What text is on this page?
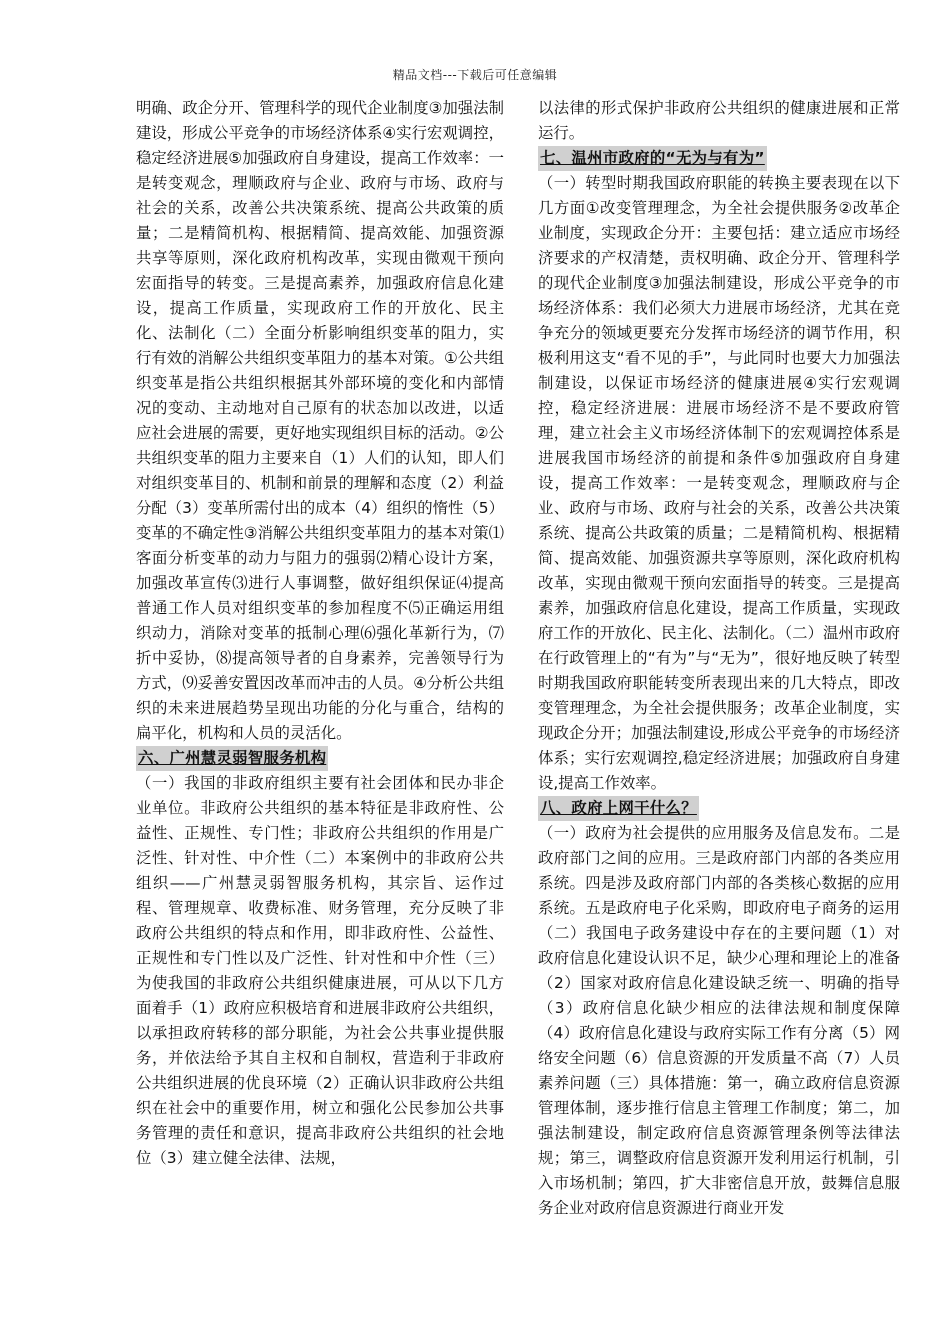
精品文档---下载后可任意编辑

明确、政企分开、管理科学的现代企业制度③加强法制建设，形成公平竞争的市场经济体系④实行宏观调控，稳定经济进展⑤加强政府自身建设，提高工作效率：一是转变观念，理顺政府与企业、政府与市场、政府与社会的关系，改善公共决策系统、提高公共政策的质量；二是精简机构、根据精简、提高效能、加强资源共享等原则，深化政府机构改革，实现由微观干预向宏面指导的转变。三是提高素养，加强政府信息化建设，提高工作质量，实现政府工作的开放化、民主化、法制化（二）全面分析影响组织变革的阻力，实行有效的消解公共组织变革阻力的基本对策。①公共组织变革是指公共组织根据其外部环境的变化和内部情况的变动、主动地对自己原有的状态加以改进，以适应社会进展的需要，更好地实现组织目标的活动。②公共组织变革的阻力主要来自（1）人们的认知，即人们对组织变革目的、机制和前景的理解和态度（2）利益分配（3）变革所需付出的成本（4）组织的惰性（5）变革的不确定性③消解公共组织变革阻力的基本对策⑴客面分析变革的动力与阻力的强弱⑵精心设计方案，加强改革宣传⑶进行人事调整，做好组织保证⑷提高普通工作人员对组织变革的参加程度不⑸正确运用组织动力，消除对变革的抵制心理⑹强化革新行为，⑺折中妥协，⑻提高领导者的自身素养，完善领导行为方式，⑼妥善安置因改革而冲击的人员。④分析公共组织的未来进展趋势呈现出功能的分化与重合，结构的扁平化，机构和人员的灵活化。

六、广州慧灵弱智服务机构

（一）我国的非政府组织主要有社会团体和民办非企业单位。非政府公共组织的基本特征是非政府性、公益性、正规性、专门性；非政府公共组织的作用是广泛性、针对性、中介性（二）本案例中的非政府公共组织——广州慧灵弱智服务机构，其宗旨、运作过程、管理规章、收费标准、财务管理，充分反映了非政府公共组织的特点和作用，即非政府性、公益性、正规性和专门性以及广泛性、针对性和中介性（三）为使我国的非政府公共组织健康进展，可从以下几方面着手（1）政府应积极培育和进展非政府公共组织，以承担政府转移的部分职能，为社会公共事业提供服务，并依法给予其自主权和自制权，营造利于非政府公共组织进展的优良环境（2）正确认识非政府公共组织在社会中的重要作用，树立和强化公民参加公共事务管理的责任和意识，提高非政府公共组织的社会地位（3）建立健全法律、法规，

以法律的形式保护非政府公共组织的健康进展和正常运行。

七、温州市政府的“无为与有为”

（一）转型时期我国政府职能的转换主要表现在以下几方面①改变管理理念，为全社会提供服务②改革企业制度，实现政企分开：主要包括：建立适应市场经济要求的产权清楚，责权明确、政企分开、管理科学的现代企业制度③加强法制建设，形成公平竞争的市场经济体系：我们必须大力进展市场经济，尤其在竞争充分的领域更要充分发挥市场经济的调节作用，积极利用这支“看不见的手”，与此同时也要大力加强法制建设，以保证市场经济的健康进展④实行宏观调控，稳定经济进展：进展市场经济不是不要政府管理，建立社会主义市场经济体制下的宏观调控体系是进展我国市场经济的前提和条件⑤加强政府自身建设，提高工作效率：一是转变观念，理顺政府与企业、政府与市场、政府与社会的关系，改善公共决策系统、提高公共政策的质量；二是精简机构、根据精简、提高效能、加强资源共享等原则，深化政府机构改革，实现由微观干预向宏面指导的转变。三是提高素养，加强政府信息化建设，提高工作质量，实现政府工作的开放化、民主化、法制化。（二）温州市政府在行政管理上的“有为”与“无为”，很好地反映了转型时期我国政府职能转变所表现出来的几大特点，即改变管理理念，为全社会提供服务；改革企业制度，实现政企分开；加强法制建设,形成公平竞争的市场经济体系；实行宏观调控,稳定经济进展；加强政府自身建设,提高工作效率。

八、政府上网干什么？

（一）政府为社会提供的应用服务及信息发布。二是政府部门之间的应用。三是政府部门内部的各类应用系统。四是涉及政府部门内部的各类核心数据的应用系统。五是政府电子化采购，即政府电子商务的运用（二）我国电子政务建设中存在的主要问题（1）对政府信息化建设认识不足，缺少心理和理论上的准备（2）国家对政府信息化建设缺乏统一、明确的指导（3）政府信息化缺少相应的法律法规和制度保障（4）政府信息化建设与政府实际工作有分离（5）网络安全问题（6）信息资源的开发质量不高（7）人员素养问题（三）具体措施：第一，确立政府信息资源管理体制，逐步推行信息主管理工作制度；第二，加强法制建设，制定政府信息资源管理条例等法律法规；第三，调整政府信息资源开发利用运行机制，引入市场机制；第四，扩大非密信息开放，鼓舞信息服务企业对政府信息资源进行商业开发
